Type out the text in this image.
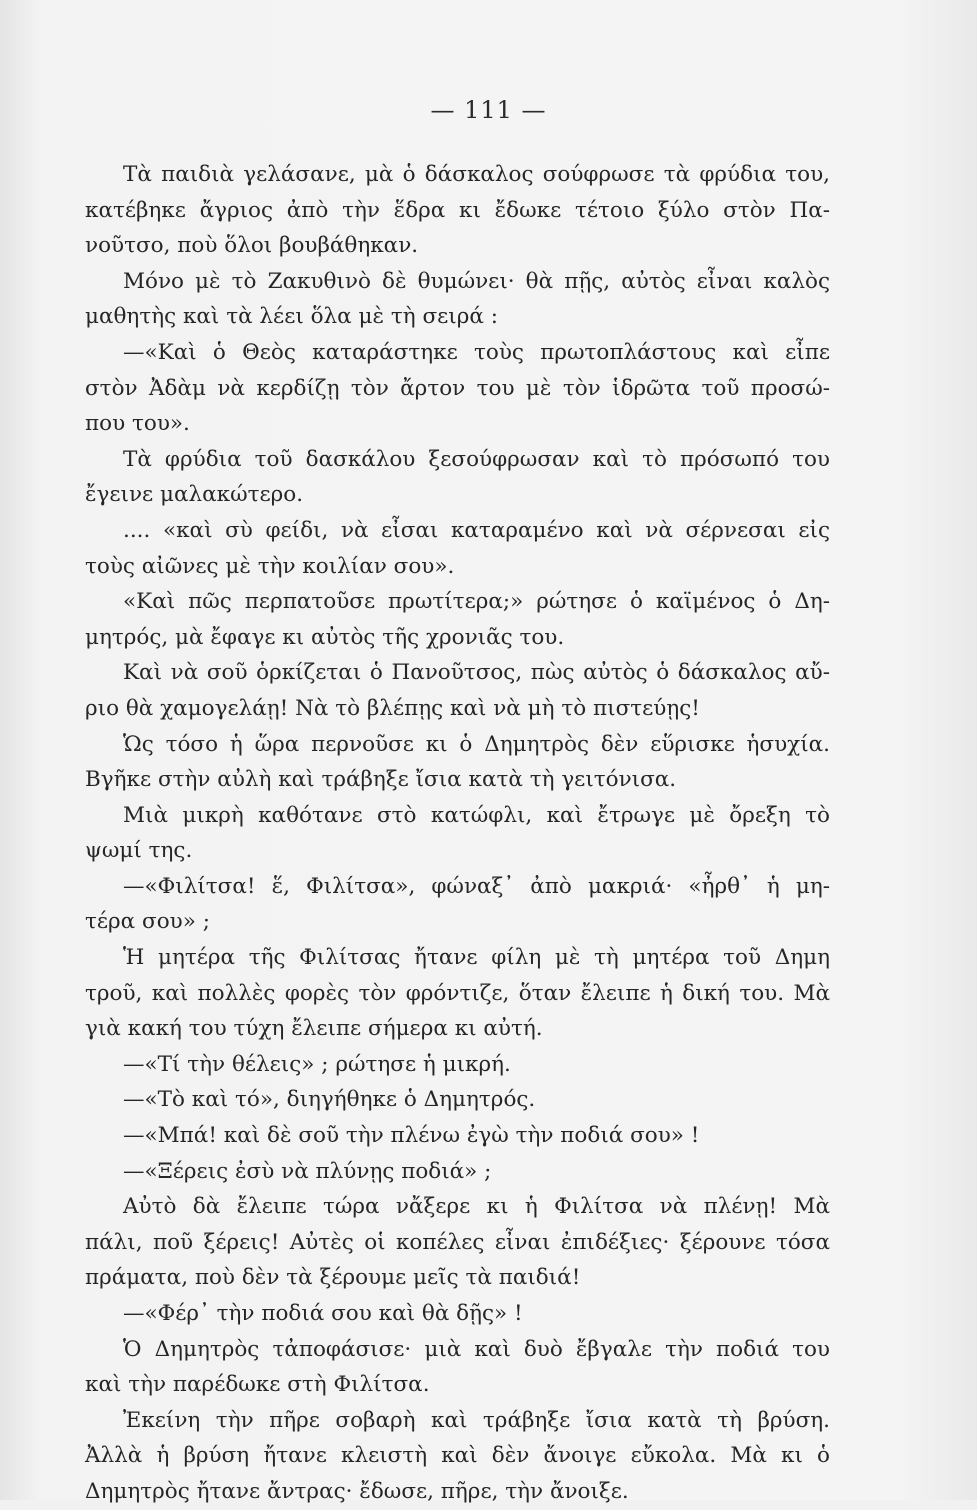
— 111 —
Τὰ παιδιὰ γελάσανε, μὰ ὁ δάσκαλος σούφρωσε τὰ φρύδια του,
κατέβηκε ἄγριος ἀπὸ τὴν ἕδρα κι ἔδωκε τέτοιο ξύλο στὸν Πα-
νοῦτσο, ποὺ ὅλοι βουβάθηκαν.
Μόνο μὲ τὸ Ζακυθινὸ δὲ θυμώνει· θὰ πῇς, αὐτὸς εἶναι καλὸς
μαθητὴς καὶ τὰ λέει ὅλα μὲ τὴ σειρά :
—«Καὶ ὁ Θεὸς καταράστηκε τοὺς πρωτοπλάστους καὶ εἶπε
στὸν Ἀδὰμ νὰ κερδίζῃ τὸν ἄρτον του μὲ τὸν ἱδρῶτα τοῦ προσώ-
που του».
Τὰ φρύδια τοῦ δασκάλου ξεσούφρωσαν καὶ τὸ πρόσωπό του
ἔγεινε μαλακώτερο.
.... «καὶ σὺ φείδι, νὰ εἶσαι καταραμένο καὶ νὰ σέρνεσαι εἰς
τοὺς αἰῶνες μὲ τὴν κοιλίαν σου».
«Καὶ πῶς περπατοῦσε πρωτίτερα;» ρώτησε ὁ καϊμένος ὁ Δη-
μητρός, μὰ ἔφαγε κι αὐτὸς τῆς χρονιᾶς του.
Καὶ νὰ σοῦ ὁρκίζεται ὁ Πανοῦτσος, πὼς αὐτὸς ὁ δάσκαλος αὔ-
ριο θὰ χαμογελάῃ! Νὰ τὸ βλέπῃς καὶ νὰ μὴ τὸ πιστεύῃς!
Ὡς τόσο ἡ ὥρα περνοῦσε κι ὁ Δημητρὸς δὲν εὕρισκε ἡσυχία.
Βγῆκε στὴν αὐλὴ καὶ τράβηξε ἴσια κατὰ τὴ γειτόνισα.
Μιὰ μικρὴ καθότανε στὸ κατώφλι, καὶ ἔτρωγε μὲ ὄρεξη τὸ
ψωμί της.
—«Φιλίτσα! ἕ, Φιλίτσα», φώναξ᾽ ἀπὸ μακριά· «ἦρθ᾽ ἡ μη-
τέρα σου» ;
Ἡ μητέρα τῆς Φιλίτσας ἤτανε φίλη μὲ τὴ μητέρα τοῦ Δημη
τροῦ, καὶ πολλὲς φορὲς τὸν φρόντιζε, ὅταν ἔλειπε ἡ δική του. Μὰ
γιὰ κακή του τύχη ἔλειπε σήμερα κι αὐτή.
—«Τί τὴν θέλεις» ; ρώτησε ἡ μικρή.
—«Τὸ καὶ τό», διηγήθηκε ὁ Δημητρός.
—«Μπά! καὶ δὲ σοῦ τὴν πλένω ἐγὼ τὴν ποδιά σου» !
—«Ξέρεις ἐσὺ νὰ πλύνῃς ποδιά» ;
Αὐτὸ δὰ ἔλειπε τώρα νἄξερε κι ἡ Φιλίτσα νὰ πλένῃ! Μὰ
πάλι, ποῦ ξέρεις! Αὐτὲς οἱ κοπέλες εἶναι ἐπιδέξιες· ξέρουνε τόσα
πράματα, ποὺ δὲν τὰ ξέρουμε μεῖς τὰ παιδιά!
—«Φέρ᾽ τὴν ποδιά σου καὶ θὰ δῇς» !
Ὁ Δημητρὸς τἀποφάσισε· μιὰ καὶ δυὸ ἔβγαλε τὴν ποδιά του
καὶ τὴν παρέδωκε στὴ Φιλίτσα.
Ἐκείνη τὴν πῆρε σοβαρὴ καὶ τράβηξε ἴσια κατὰ τὴ βρύση.
Ἀλλὰ ἡ βρύση ἤτανε κλειστὴ καὶ δὲν ἄνοιγε εὔκολα. Μὰ κι ὁ
Δημητρὸς ἤτανε ἄντρας· ἔδωσε, πῆρε, τὴν ἄνοιξε.
